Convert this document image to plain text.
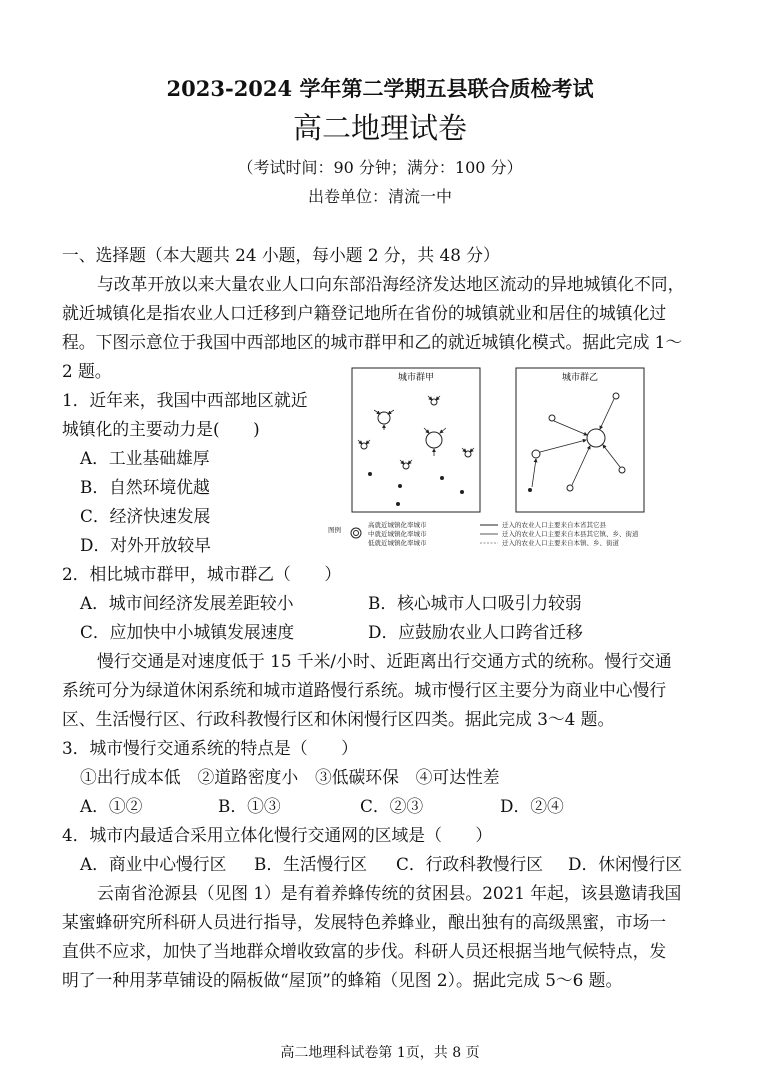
2023-2024 学年第二学期五县联合质检考试
高二地理试卷
（考试时间：90 分钟；满分：100 分）
出卷单位：清流一中
一、选择题（本大题共 24 小题，每小题 2 分，共 48 分）
与改革开放以来大量农业人口向东部沿海经济发达地区流动的异地城镇化不同，
就近城镇化是指农业人口迁移到户籍登记地所在省份的城镇就业和居住的城镇化过
程。下图示意位于我国中西部地区的城市群甲和乙的就近城镇化模式。据此完成 1～
2 题。
1．近年来，我国中西部地区就近
城镇化的主要动力是(　　)
A．工业基础雄厚
B．自然环境优越
C．经济快速发展
D．对外开放较早
城市群甲	城市群乙
图例
高就近城镇化率城市
中就近城镇化率城市
低就近城镇化率城市
迁入的农业人口主要来自本省其它县
迁入的农业人口主要来自本县其它镇、乡、街道
迁入的农业人口主要来自本镇、乡、街道
2．相比城市群甲，城市群乙（　　）
A．城市间经济发展差距较小	B．核心城市人口吸引力较弱
C．应加快中小城镇发展速度	D．应鼓励农业人口跨省迁移
慢行交通是对速度低于 15 千米/小时、近距离出行交通方式的统称。慢行交通
系统可分为绿道休闲系统和城市道路慢行系统。城市慢行区主要分为商业中心慢行
区、生活慢行区、行政科教慢行区和休闲慢行区四类。据此完成 3～4 题。
3．城市慢行交通系统的特点是（　　）
①出行成本低　②道路密度小　③低碳环保　④可达性差
A．①②	B．①③	C．②③	D．②④
4．城市内最适合采用立体化慢行交通网的区域是（　　）
A．商业中心慢行区 B．生活慢行区 C．行政科教慢行区 D．休闲慢行区
云南省沧源县（见图 1）是有着养蜂传统的贫困县。2021 年起，该县邀请我国
某蜜蜂研究所科研人员进行指导，发展特色养蜂业，酿出独有的高级黑蜜，市场一
直供不应求，加快了当地群众增收致富的步伐。科研人员还根据当地气候特点，发
明了一种用茅草铺设的隔板做“屋顶”的蜂箱（见图 2）。据此完成 5～6 题。
高二地理科试卷第 1页，共 8 页
